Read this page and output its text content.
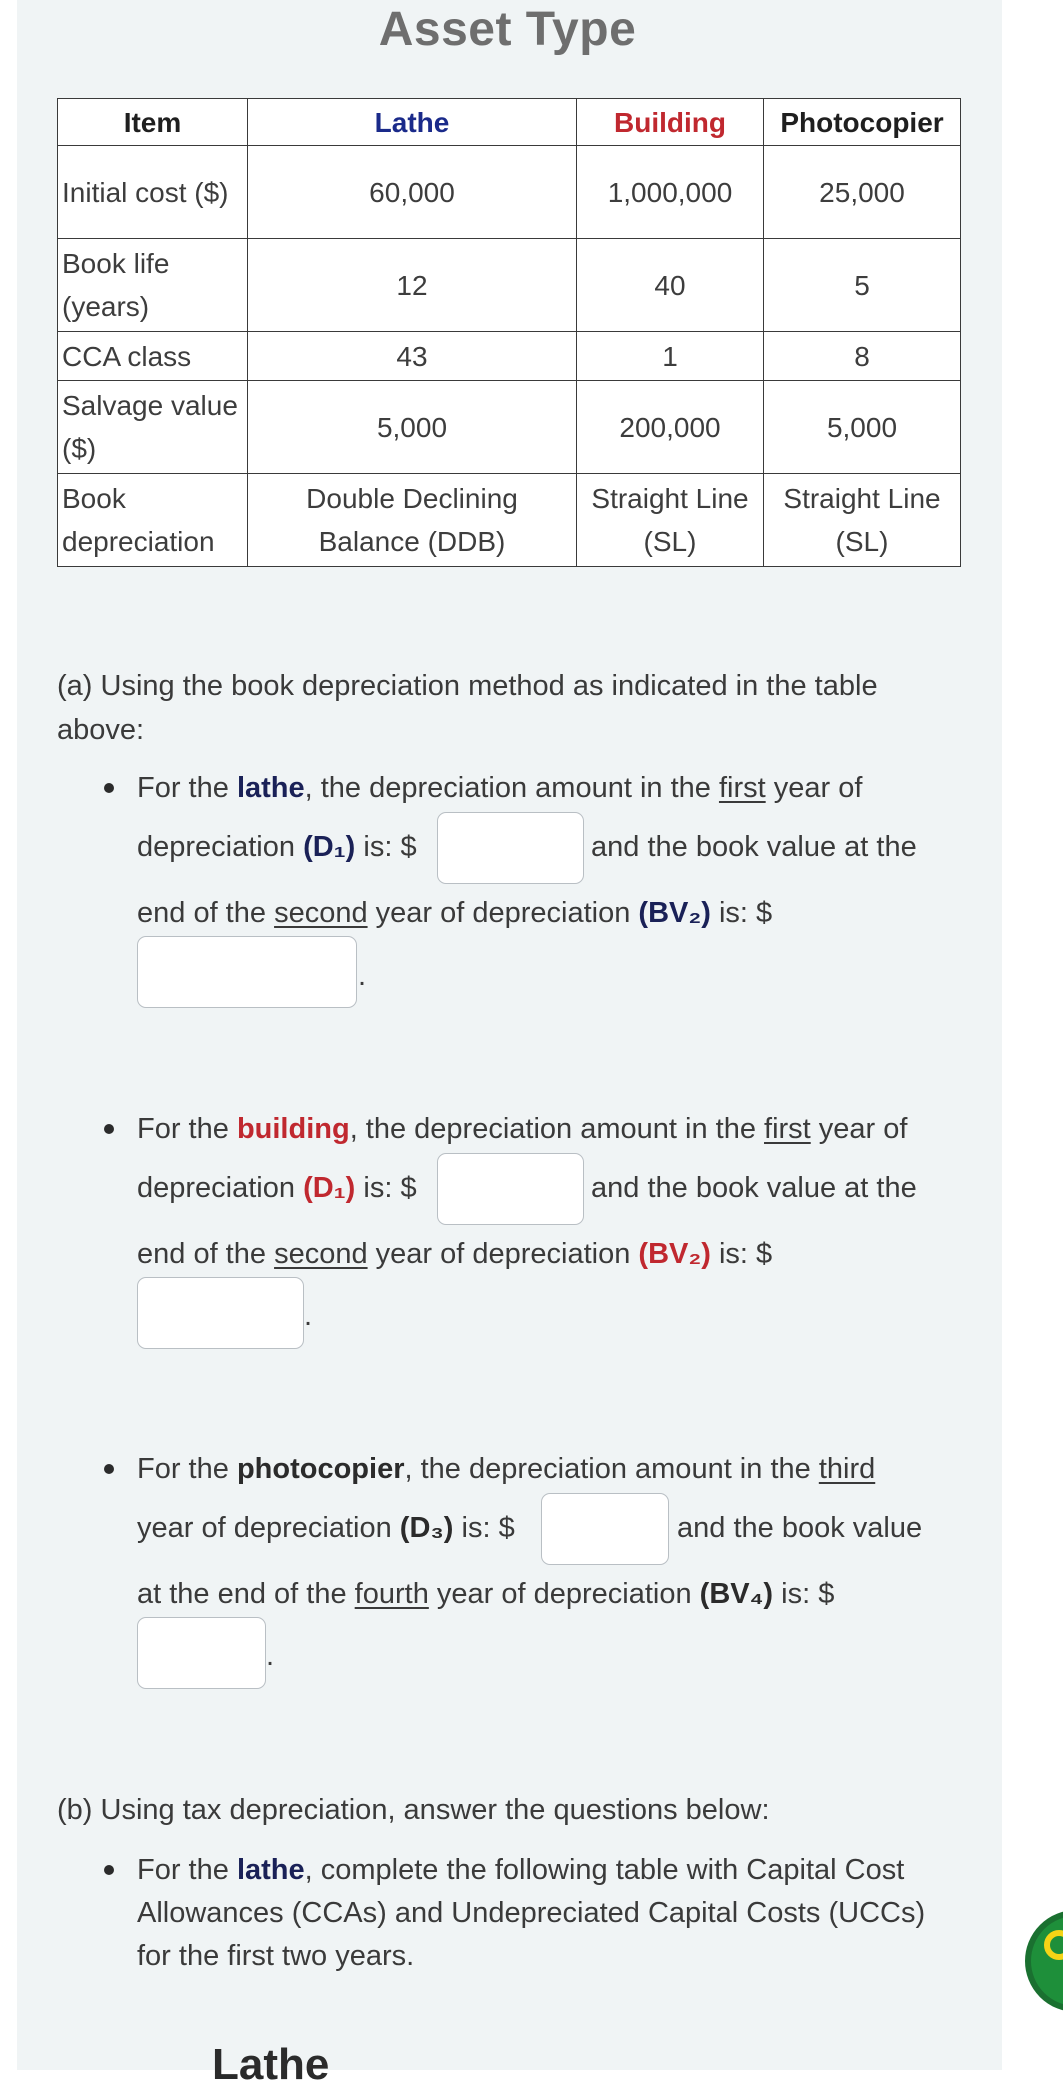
Asset Type
Item	Lathe	Building	Photocopier
Initial cost ($)	60,000	1,000,000	25,000
Book life (years)	12	40	5
CCA class	43	1	8
Salvage value ($)	5,000	200,000	5,000
Book depreciation	Double Declining Balance (DDB)	Straight Line (SL)	Straight Line (SL)
(a) Using the book depreciation method as indicated in the table above:
For the lathe, the depreciation amount in the first year of
depreciation (D₁) is: $	and the book value at the
end of the second year of depreciation (BV₂) is: $
.
For the building, the depreciation amount in the first year of
depreciation (D₁) is: $	and the book value at the
end of the second year of depreciation (BV₂) is: $
.
For the photocopier, the depreciation amount in the third
year of depreciation (D₃) is: $	and the book value
at the end of the fourth year of depreciation (BV₄) is: $
.
(b) Using tax depreciation, answer the questions below:
For the lathe, complete the following table with Capital Cost
Allowances (CCAs) and Undepreciated Capital Costs (UCCs)
for the first two years.
Lathe
